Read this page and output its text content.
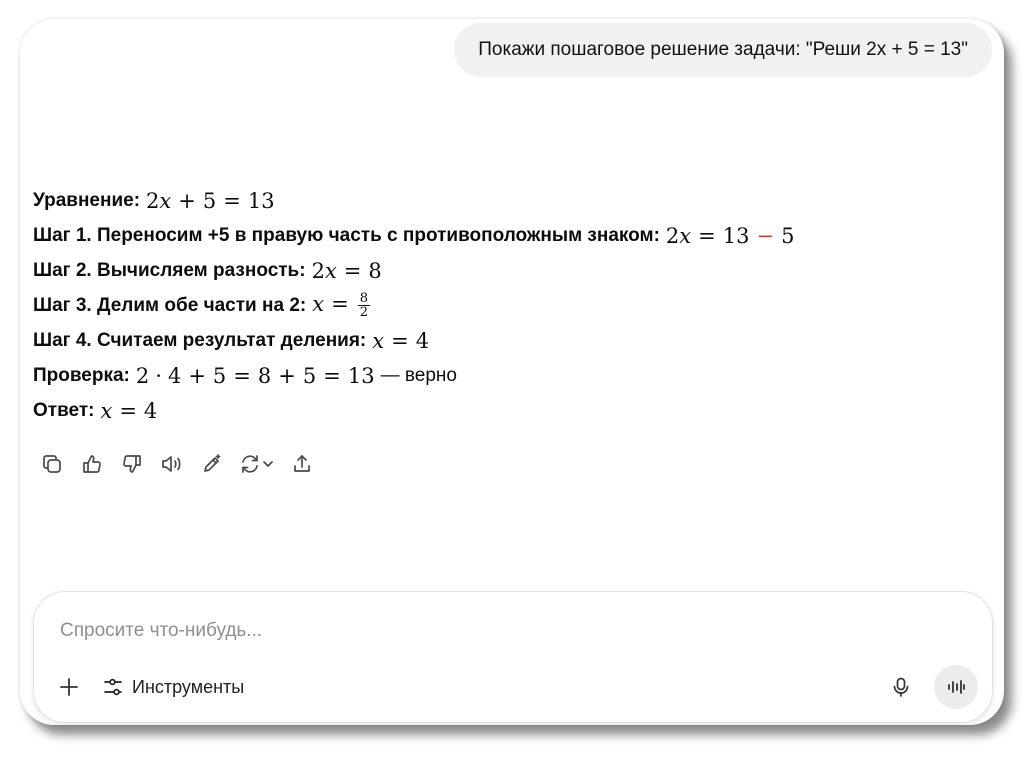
Покажи пошаговое решение задачи: "Реши 2x + 5 = 13"
Уравнение: 2x + 5 = 13
Шаг 1. Переносим +5 в правую часть с противоположным знаком: 2x = 13 − 5
Шаг 2. Вычисляем разность: 2x = 8
Шаг 3. Делим обе части на 2: $x = \frac{8}{2}$
Шаг 4. Считаем результат деления: x = 4
Проверка: 2 · 4 + 5 = 8 + 5 = 13 — верно
Ответ: x = 4
Спросите что-нибудь...
Инструменты
